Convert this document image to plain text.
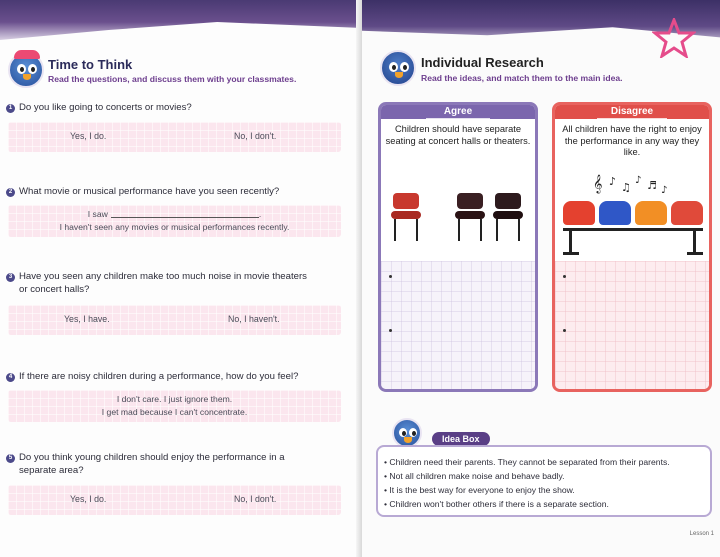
Time to Think
Read the questions, and discuss them with your classmates.
1 Do you like going to concerts or movies?
Yes, I do.	No, I don't.
2 What movie or musical performance have you seen recently?
I saw	.
I haven't seen any movies or musical performances recently.
3 Have you seen any children make too much noise in movie theaters
or concert halls?
Yes, I have.	No, I haven't.
4 If there are noisy children during a performance, how do you feel?
I don't care. I just ignore them.
I get mad because I can't concentrate.
5 Do you think young children should enjoy the performance in a
separate area?
Yes, I do.	No, I don't.
Individual Research
Read the ideas, and match them to the main idea.
Agree
Children should have separate seating at concert halls or theaters.
Disagree
All children have the right to enjoy the performance in any way they like.
𝄞 ♪ ♫
♪ ♬ ♪
Idea Box
• Children need their parents. They cannot be separated from their parents.
• Not all children make noise and behave badly.
• It is the best way for everyone to enjoy the show.
• Children won't bother others if there is a separate section.
Lesson 1
